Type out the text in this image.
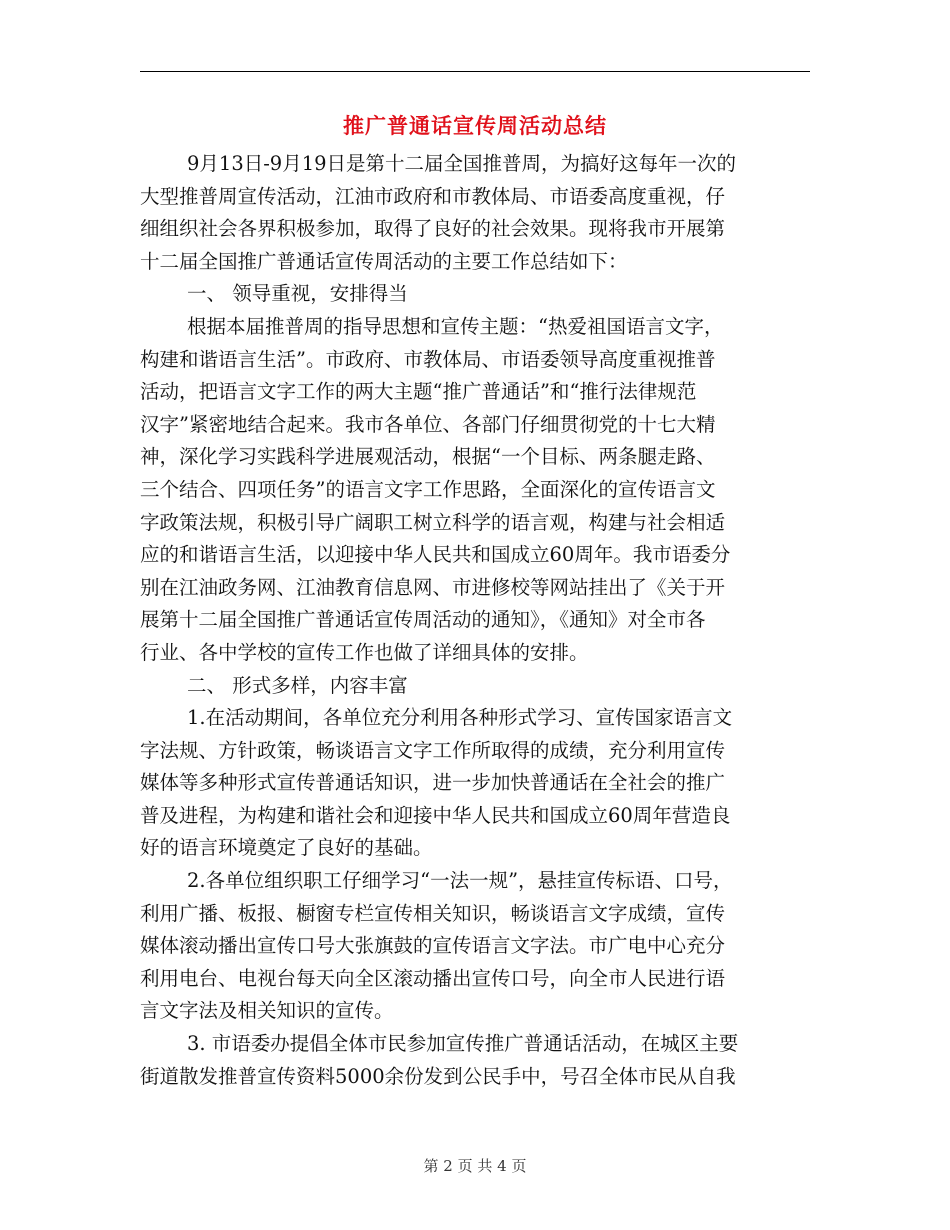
推广普通话宣传周活动总结
9月13日-9月19日是第十二届全国推普周，为搞好这每年一次的
大型推普周宣传活动，江油市政府和市教体局、市语委高度重视，仔
细组织社会各界积极参加，取得了良好的社会效果。现将我市开展第
十二届全国推广普通话宣传周活动的主要工作总结如下：
一、 领导重视，安排得当
根据本届推普周的指导思想和宣传主题：“热爱祖国语言文字，
构建和谐语言生活”。市政府、市教体局、市语委领导高度重视推普
活动，把语言文字工作的两大主题“推广普通话”和“推行法律规范
汉字”紧密地结合起来。我市各单位、各部门仔细贯彻党的十七大精
神，深化学习实践科学进展观活动，根据“一个目标、两条腿走路、
三个结合、四项任务”的语言文字工作思路，全面深化的宣传语言文
字政策法规，积极引导广阔职工树立科学的语言观，构建与社会相适
应的和谐语言生活，以迎接中华人民共和国成立60周年。我市语委分
别在江油政务网、江油教育信息网、市进修校等网站挂出了《关于开
展第十二届全国推广普通话宣传周活动的通知》，《通知》对全市各
行业、各中学校的宣传工作也做了详细具体的安排。
二、 形式多样，内容丰富
1.在活动期间，各单位充分利用各种形式学习、宣传国家语言文
字法规、方针政策，畅谈语言文字工作所取得的成绩，充分利用宣传
媒体等多种形式宣传普通话知识，进一步加快普通话在全社会的推广
普及进程，为构建和谐社会和迎接中华人民共和国成立60周年营造良
好的语言环境奠定了良好的基础。
2.各单位组织职工仔细学习“一法一规”，悬挂宣传标语、口号，
利用广播、板报、橱窗专栏宣传相关知识，畅谈语言文字成绩，宣传
媒体滚动播出宣传口号大张旗鼓的宣传语言文字法。市广电中心充分
利用电台、电视台每天向全区滚动播出宣传口号，向全市人民进行语
言文字法及相关知识的宣传。
3. 市语委办提倡全体市民参加宣传推广普通话活动，在城区主要
街道散发推普宣传资料5000余份发到公民手中，号召全体市民从自我
第 2 页 共 4 页
